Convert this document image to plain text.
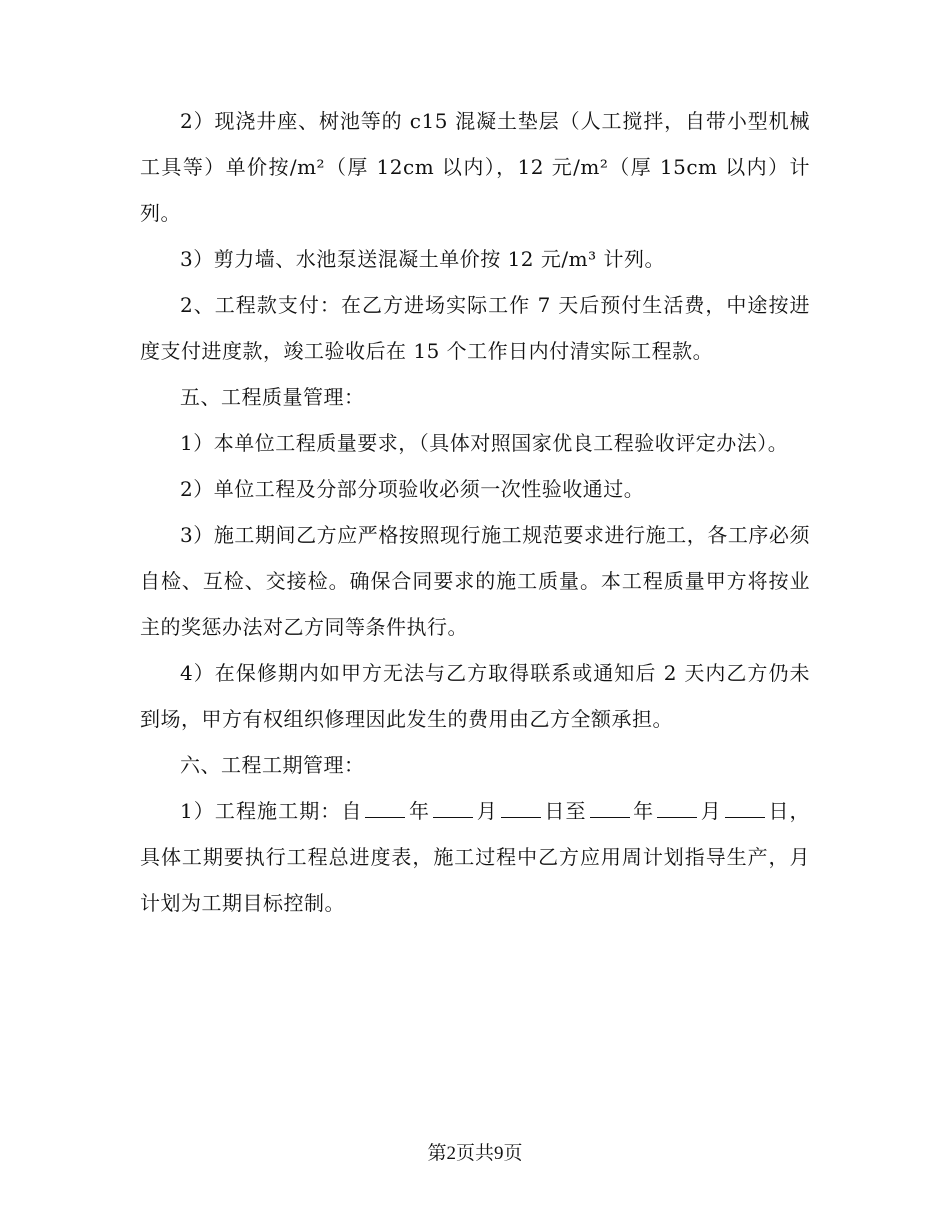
2）现浇井座、树池等的 c15 混凝土垫层（人工搅拌，自带小型机械工具等）单价按/m²（厚 12cm 以内），12 元/m²（厚 15cm 以内）计列。

3）剪力墙、水池泵送混凝土单价按 12 元/m³ 计列。

2、工程款支付：在乙方进场实际工作 7 天后预付生活费，中途按进度支付进度款，竣工验收后在 15 个工作日内付清实际工程款。

五、工程质量管理：

1）本单位工程质量要求，（具体对照国家优良工程验收评定办法）。

2）单位工程及分部分项验收必须一次性验收通过。

3）施工期间乙方应严格按照现行施工规范要求进行施工，各工序必须自检、互检、交接检。确保合同要求的施工质量。本工程质量甲方将按业主的奖惩办法对乙方同等条件执行。

4）在保修期内如甲方无法与乙方取得联系或通知后 2 天内乙方仍未到场，甲方有权组织修理因此发生的费用由乙方全额承担。

六、工程工期管理：

1）工程施工期：自 年 月 日至 年 月 日，具体工期要执行工程总进度表，施工过程中乙方应用周计划指导生产，月计划为工期目标控制。

第2页共9页
